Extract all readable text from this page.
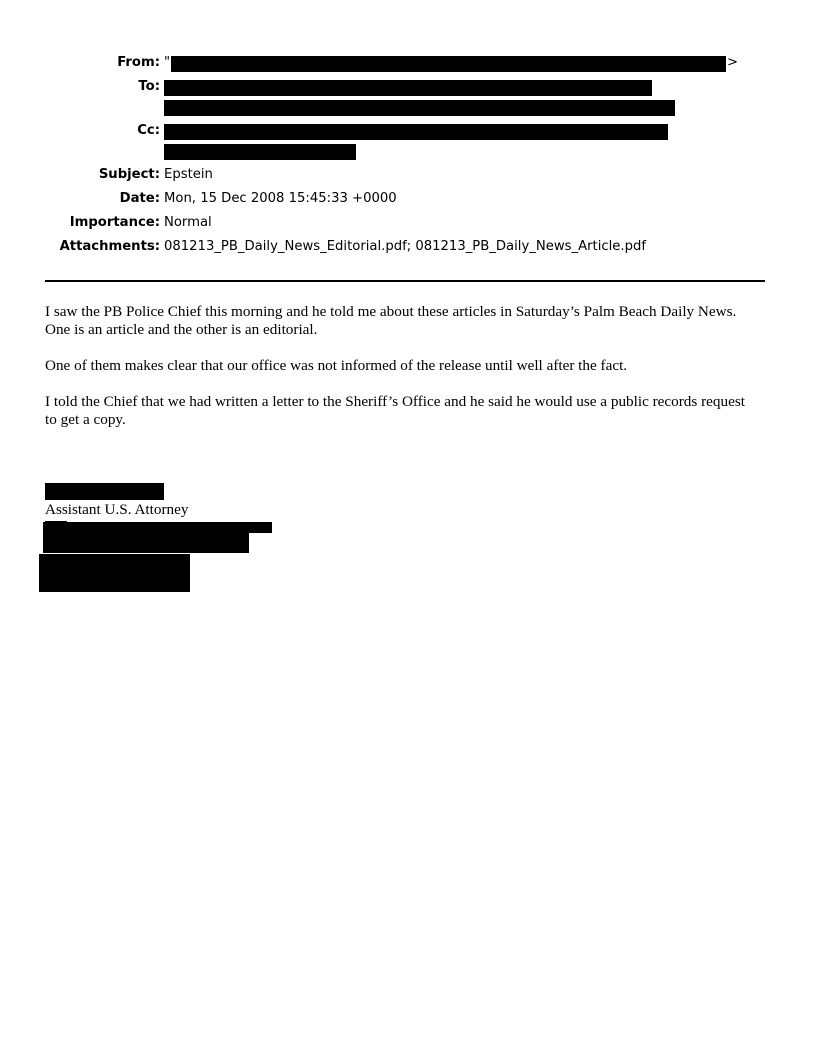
From: "	>
To:
Cc:
Subject: Epstein
Date: Mon, 15 Dec 2008 15:45:33 +0000
Importance: Normal
Attachments: 081213_PB_Daily_News_Editorial.pdf; 081213_PB_Daily_News_Article.pdf

I saw the PB Police Chief this morning and he told me about these articles in Saturday’s Palm Beach Daily News. One is an article and the other is an editorial.

One of them makes clear that our office was not informed of the release until well after the fact.

I told the Chief that we had written a letter to the Sheriff’s Office and he said he would use a public records request to get a copy.

Assistant U.S. Attorney
